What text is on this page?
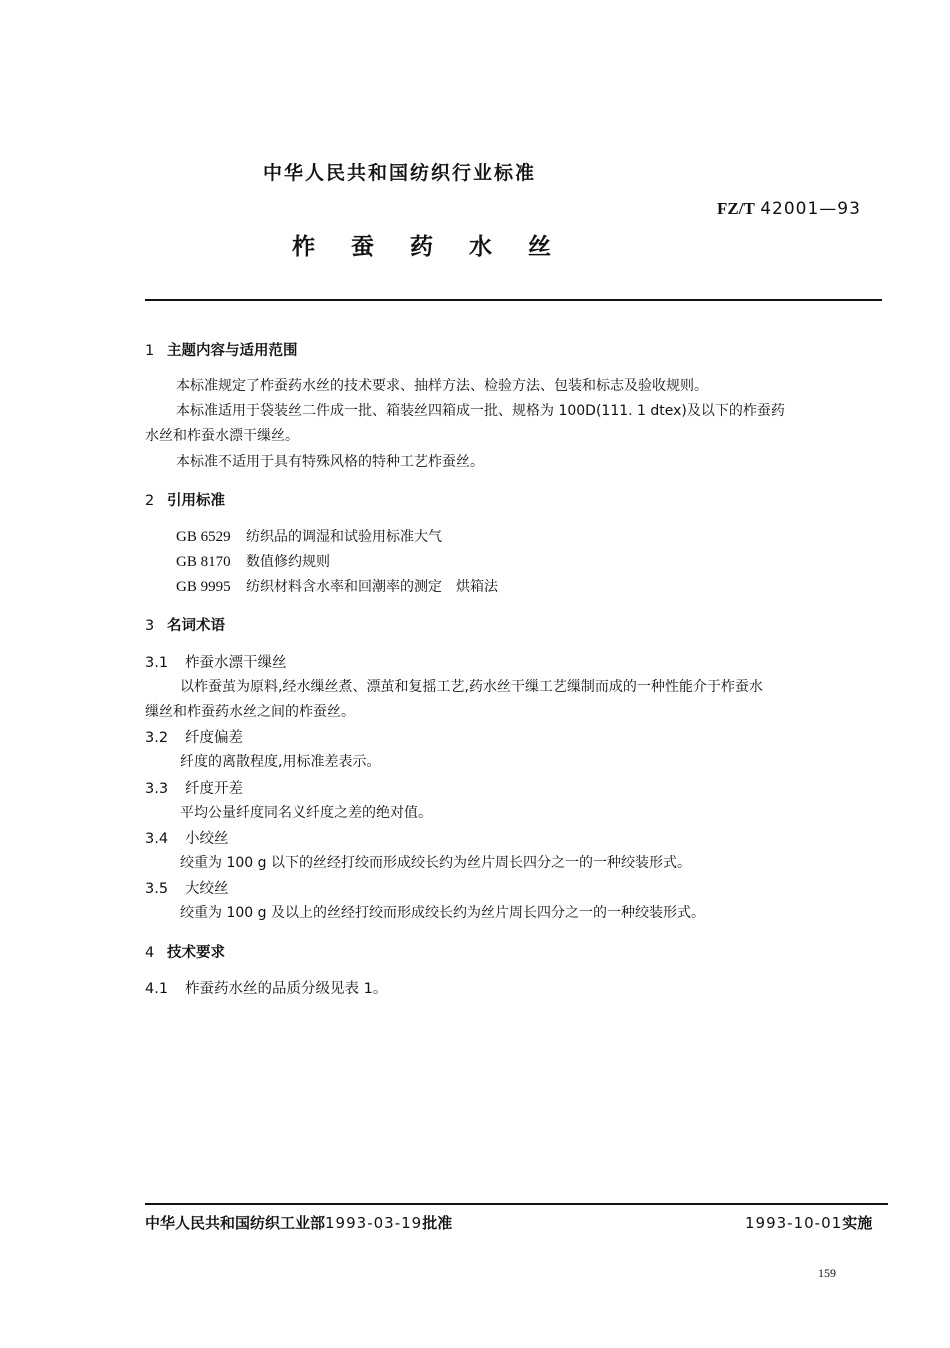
中华人民共和国纺织行业标准
FZ/T 42001—93
柞 蚕 药 水 丝
1 主题内容与适用范围
本标准规定了柞蚕药水丝的技术要求、抽样方法、检验方法、包装和标志及验收规则。
本标准适用于袋装丝二件成一批、箱装丝四箱成一批、规格为 100D(111. 1 dtex)及以下的柞蚕药
水丝和柞蚕水漂干缫丝。
本标准不适用于具有特殊风格的特种工艺柞蚕丝。
2 引用标准
GB 6529 纺织品的调湿和试验用标准大气
GB 8170 数值修约规则
GB 9995 纺织材料含水率和回潮率的测定　烘箱法
3 名词术语
3.1 柞蚕水漂干缫丝
以柞蚕茧为原料,经水缫丝煮、漂茧和复摇工艺,药水丝干缫工艺缫制而成的一种性能介于柞蚕水
缫丝和柞蚕药水丝之间的柞蚕丝。
3.2 纤度偏差
纤度的离散程度,用标准差表示。
3.3 纤度开差
平均公量纤度同名义纤度之差的绝对值。
3.4 小绞丝
绞重为 100 g 以下的丝经打绞而形成绞长约为丝片周长四分之一的一种绞装形式。
3.5 大绞丝
绞重为 100 g 及以上的丝经打绞而形成绞长约为丝片周长四分之一的一种绞装形式。
4 技术要求
4.1 柞蚕药水丝的品质分级见表 1。
中华人民共和国纺织工业部1993-03-19批准	1993-10-01实施
159
